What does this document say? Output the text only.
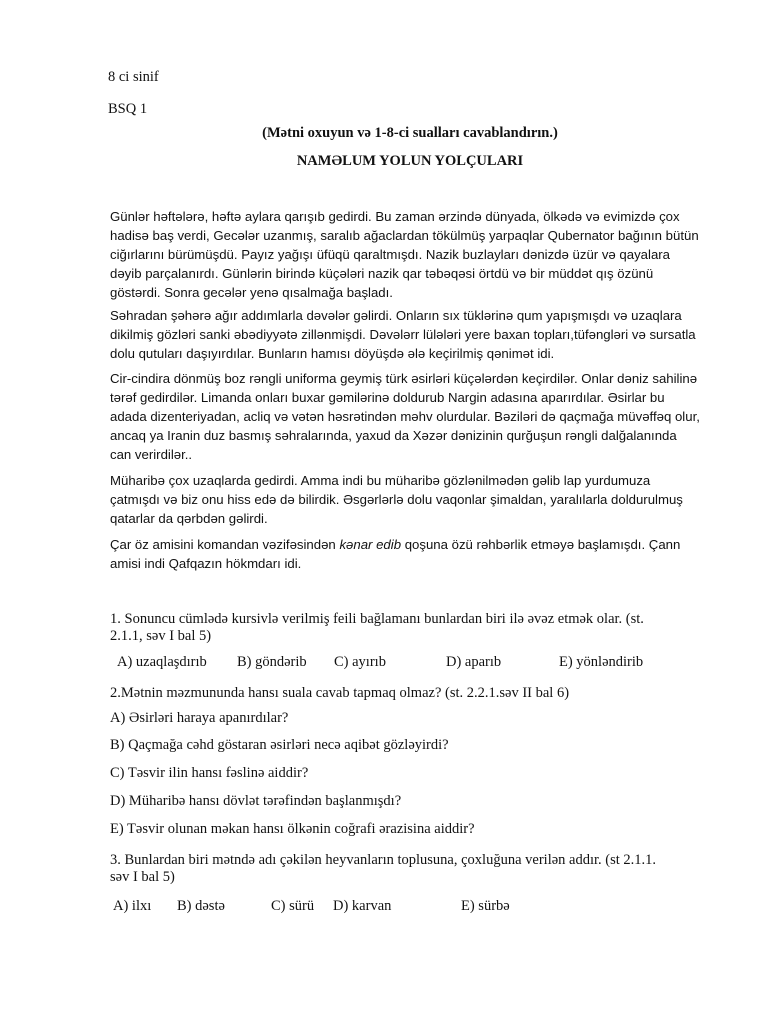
8 ci sinif
BSQ 1
(Mətni oxuyun və 1-8-ci sualları cavablandırın.)
NAMƏLUM YOLUN YOLÇULARI

Günlər həftələrə, həftə aylara qarışıb gedirdi. Bu zaman ərzində dünyada, ölkədə və evimizdə çox hadisə baş verdi, Gecələr uzanmış, saralıb ağaclardan tökülmüş yarpaqlar Qubernator bağının bütün ciğırlarını bürümüşdü. Payız yağışı üfüqü qaraltmışdı. Nazik buzlayları dənizdə üzür və qayalara dəyib parçalanırdı. Günlərin birində küçələri nazik qar təbəqəsi örtdü və bir müddət qış özünü göstərdi. Sonra gecələr yenə qısalmağa başladı.

Səhradan şəhərə ağır addımlarla dəvələr gəlirdi. Onların sıx tüklərinə qum yapışmışdı və uzaqlara dikilmiş gözləri sanki əbədiyyətə zillənmişdi. Dəvələrr lülələri yere baxan topları,tüfəngləri və sursatla dolu qutuları daşıyırdılar. Bunların hamısı döyüşdə ələ keçirilmiş qənimət idi.

Cir-cindira dönmüş boz rəngli uniforma geymiş türk əsirləri küçələrdən keçirdilər. Onlar dəniz sahilinə tərəf gedirdilər. Limanda onları buxar gəmilərinə doldurub Nargin adasına aparırdılar. Əsirlar bu adada dizenteriyadan, acliq və vətən həsrətindən məhv olurdular. Bəziləri də qaçmağa müvəffəq olur, ancaq ya Iranin duz basmış səhralarında, yaxud da Xəzər dənizinin qurğuşun rəngli dalğalanında can verirdilər..

Müharibə çox uzaqlarda gedirdi. Amma indi bu müharibə gözlənilmədən gəlib lap yurdumuza çatmışdı və biz onu hiss edə də bilirdik. Əsgərlərlə dolu vaqonlar şimaldan, yaralılarla doldurulmuş qatarlar da qərbdən gəlirdi.

Çar öz amisini komandan vəzifəsindən kənar edib qoşuna özü rəhbərlik etməyə başlamışdı. Çann amisi indi Qafqazın hökmdarı idi.

1. Sonuncu cümlədə kursivlə verilmiş feili bağlamanı bunlardan biri ilə əvəz etmək olar. (st.
2.1.1, səv I bal 5)
A) uzaqlaşdırıb B) göndərib C) ayırıb	D) aparıb	E) yönləndirib
2.Mətnin məzmununda hansı suala cavab tapmaq olmaz? (st. 2.2.1.səv II bal 6)
A) Əsirləri haraya apanırdılar?
B) Qaçmağa cəhd göstaran əsirləri necə aqibət gözləyirdi?
C) Təsvir ilin hansı fəslinə aiddir?
D) Müharibə hansı dövlət tərəfindən başlanmışdı?
E) Təsvir olunan məkan hansı ölkənin coğrafi ərazisina aiddir?
3. Bunlardan biri mətndə adı çəkilən heyvanların toplusuna, çoxluğuna verilən addır. (st 2.1.1.
səv I bal 5)
A) ilxı B) dəstə	C) sürü D) karvan	E) sürbə
